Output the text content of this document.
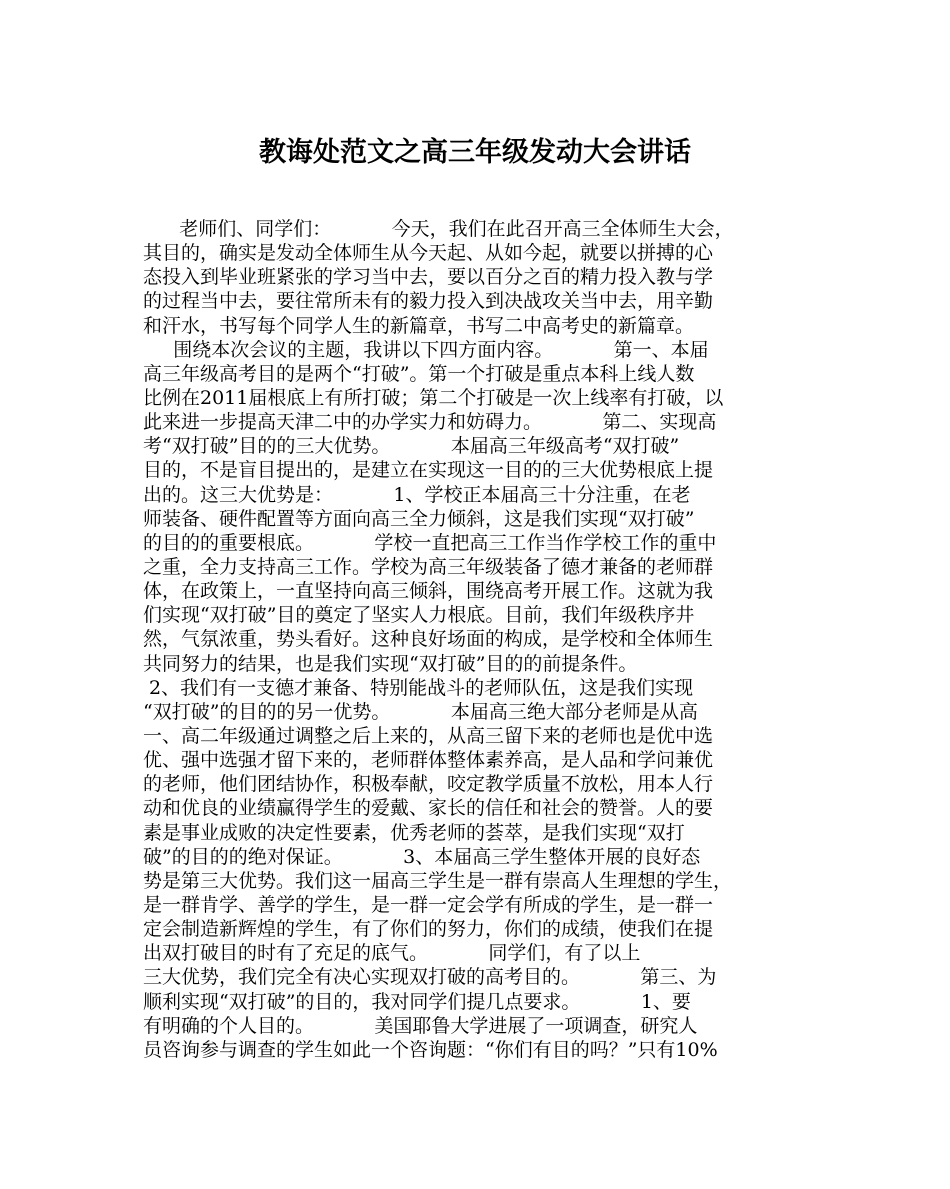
教诲处范文之高三年级发动大会讲话
老师们、同学们：          今天，我们在此召开高三全体师生大会，
其目的，确实是发动全体师生从今天起、从如今起，就要以拼搏的心
态投入到毕业班紧张的学习当中去，要以百分之百的精力投入教与学
的过程当中去，要往常所未有的毅力投入到决战攻关当中去，用辛勤
和汗水，书写每个同学人生的新篇章，书写二中高考史的新篇章。
围绕本次会议的主题，我讲以下四方面内容。          第一、本届
高三年级高考目的是两个“打破”。第一个打破是重点本科上线人数
比例在2011届根底上有所打破；第二个打破是一次上线率有打破，以
此来进一步提高天津二中的办学实力和妨碍力。          第二、实现高
考“双打破”目的的三大优势。          本届高三年级高考“双打破”
目的，不是盲目提出的，是建立在实现这一目的的三大优势根底上提
出的。这三大优势是：          1、学校正本届高三十分注重，在老
师装备、硬件配置等方面向高三全力倾斜，这是我们实现“双打破”
的目的的重要根底。          学校一直把高三工作当作学校工作的重中
之重，全力支持高三工作。学校为高三年级装备了德才兼备的老师群
体，在政策上，一直坚持向高三倾斜，围绕高考开展工作。这就为我
们实现“双打破”目的奠定了坚实人力根底。目前，我们年级秩序井
然，气氛浓重，势头看好。这种良好场面的构成，是学校和全体师生
共同努力的结果，也是我们实现“双打破”目的的前提条件。
2、我们有一支德才兼备、特别能战斗的老师队伍，这是我们实现
“双打破”的目的的另一优势。          本届高三绝大部分老师是从高
一、高二年级通过调整之后上来的，从高三留下来的老师也是优中选
优、强中选强才留下来的，老师群体整体素养高，是人品和学问兼优
的老师，他们团结协作，积极奉献，咬定教学质量不放松，用本人行
动和优良的业绩赢得学生的爱戴、家长的信任和社会的赞誉。人的要
素是事业成败的决定性要素，优秀老师的荟萃，是我们实现“双打
破”的目的的绝对保证。          3、本届高三学生整体开展的良好态
势是第三大优势。我们这一届高三学生是一群有崇高人生理想的学生，
是一群肯学、善学的学生，是一群一定会学有所成的学生，是一群一
定会制造新辉煌的学生，有了你们的努力，你们的成绩，使我们在提
出双打破目的时有了充足的底气。          同学们，有了以上
三大优势，我们完全有决心实现双打破的高考目的。          第三、为
顺利实现“双打破”的目的，我对同学们提几点要求。          1、要
有明确的个人目的。          美国耶鲁大学进展了一项调查，研究人
员咨询参与调查的学生如此一个咨询题：“你们有目的吗？”只有10%
